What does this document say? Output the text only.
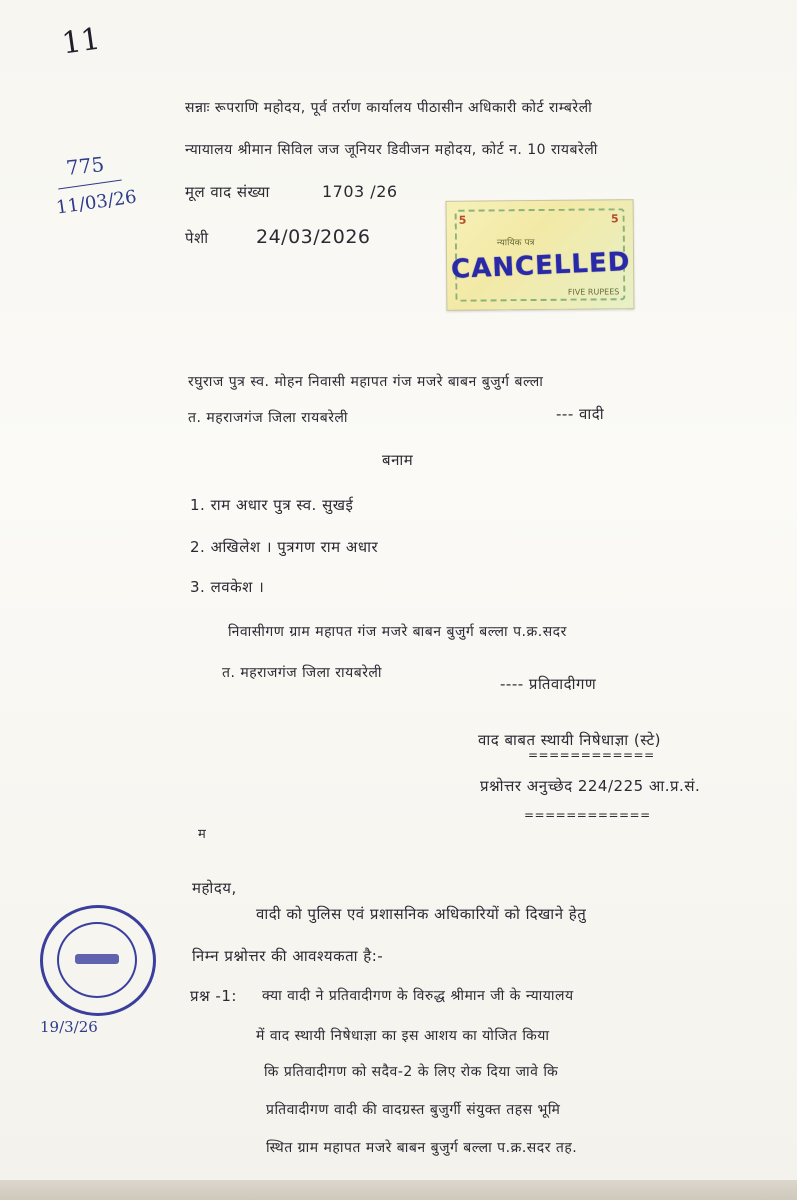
11
775
11/03/26
सन्नाः रूपराणि महोदय, पूर्व तर्राण कार्यालय पीठासीन अधिकारी कोर्ट राम्बरेली
न्यायालय श्रीमान सिविल जज जूनियर डिवीजन महोदय, कोर्ट न. 10 रायबरेली
मूल वाद संख्या	1703 /26
पेशी 24/03/2026
5	5
न्यायिक पत्र
CANCELLED
FIVE RUPEES
रघुराज पुत्र स्व. मोहन निवासी महापत गंज मजरे बाबन बुजुर्ग बल्ला
त. महराजगंज जिला रायबरेली	--- वादी
बनाम
1. राम अधार पुत्र स्व. सुखई
2. अखिलेश । पुत्रगण राम अधार
3. लवकेश ।
निवासीगण ग्राम महापत गंज मजरे बाबन बुजुर्ग बल्ला प.क्र.सदर
त. महराजगंज जिला रायबरेली
---- प्रतिवादीगण
वाद बाबत स्थायी निषेधाज्ञा (स्टे)
============
प्रश्नोत्तर अनुच्छेद 224/225 आ.प्र.सं.
============
म
महोदय,
वादी को पुलिस एवं प्रशासनिक अधिकारियों को दिखाने हेतु
निम्न प्रश्नोत्तर की आवश्यकता है:-
प्रश्न -1: क्या वादी ने प्रतिवादीगण के विरुद्ध श्रीमान जी के न्यायालय
में वाद स्थायी निषेधाज्ञा का इस आशय का योजित किया
कि प्रतिवादीगण को सदैव-2 के लिए रोक दिया जावे कि
प्रतिवादीगण वादी की वादग्रस्त बुजुर्गी संयुक्त तहस भूमि
स्थित ग्राम महापत मजरे बाबन बुजुर्ग बल्ला प.क्र.सदर तह.
19/3/26
